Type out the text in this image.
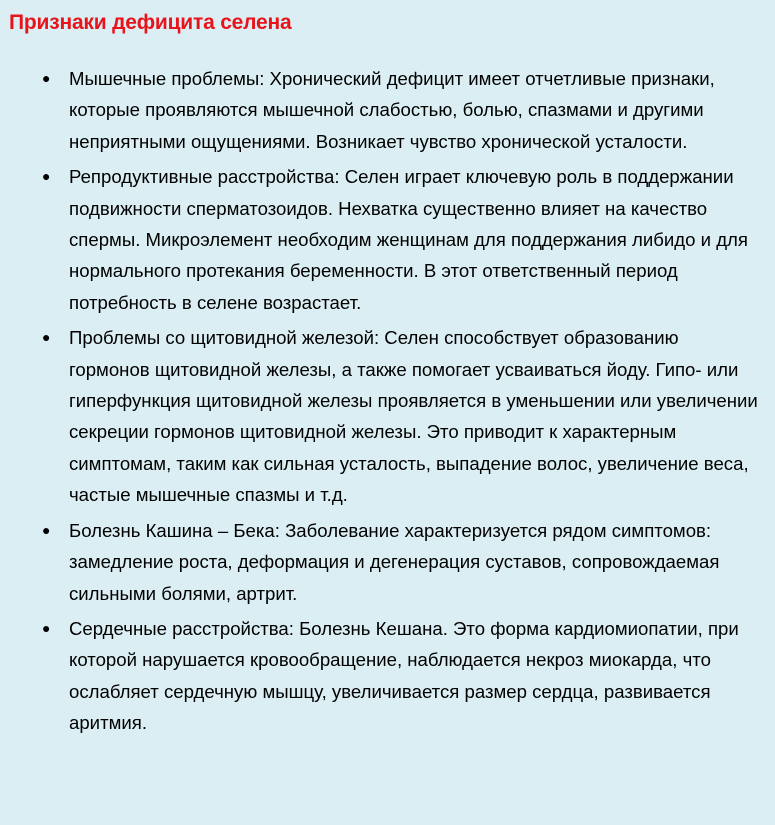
Признаки дефицита селена
● Мышечные проблемы: Хронический дефицит имеет отчетливые признаки, которые проявляются мышечной слабостью, болью, спазмами и другими неприятными ощущениями. Возникает чувство хронической усталости.
● Репродуктивные расстройства: Селен играет ключевую роль в поддержании подвижности сперматозоидов. Нехватка существенно влияет на качество спермы. Микроэлемент необходим женщинам для поддержания либидо и для нормального протекания беременности. В этот ответственный период потребность в селене возрастает.
● Проблемы со щитовидной железой: Селен способствует образованию гормонов щитовидной железы, а также помогает усваиваться йоду. Гипо- или гиперфункция щитовидной железы проявляется в уменьшении или увеличении секреции гормонов щитовидной железы. Это приводит к характерным симптомам, таким как сильная усталость, выпадение волос, увеличение веса, частые мышечные спазмы и т.д.
● Болезнь Кашина – Бека: Заболевание характеризуется рядом симптомов: замедление роста, деформация и дегенерация суставов, сопровождаемая сильными болями, артрит.
● Сердечные расстройства: Болезнь Кешана. Это форма кардиомиопатии, при которой нарушается кровообращение, наблюдается некроз миокарда, что ослабляет сердечную мышцу, увеличивается размер сердца, развивается аритмия.
